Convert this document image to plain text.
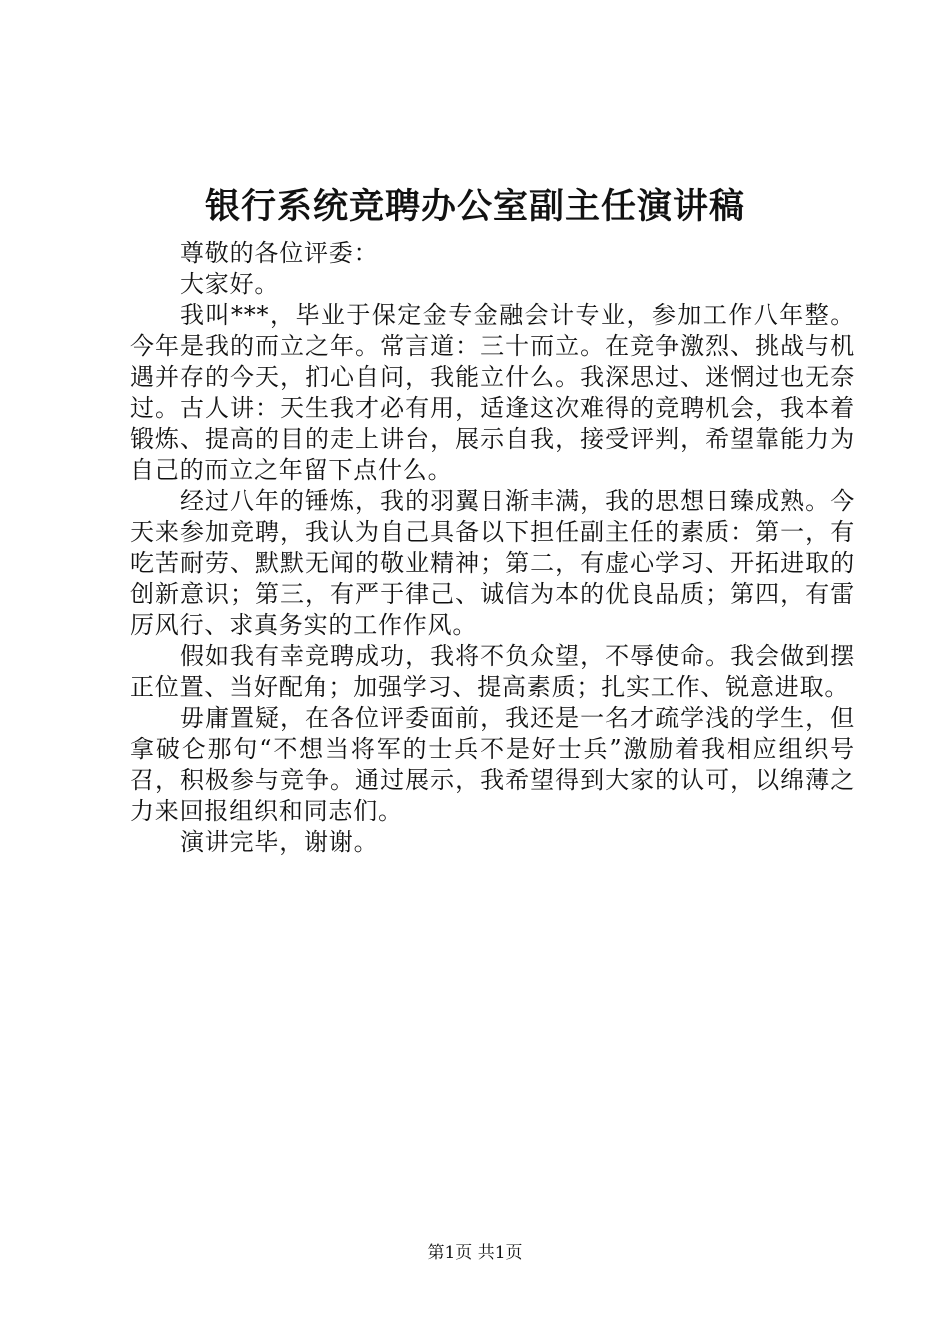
银行系统竞聘办公室副主任演讲稿

尊敬的各位评委：

大家好。

我叫***，毕业于保定金专金融会计专业，参加工作八年整。今年是我的而立之年。常言道：三十而立。在竞争激烈、挑战与机遇并存的今天，扪心自问，我能立什么。我深思过、迷惘过也无奈过。古人讲：天生我才必有用，适逢这次难得的竞聘机会，我本着锻炼、提高的目的走上讲台，展示自我，接受评判，希望靠能力为自己的而立之年留下点什么。

经过八年的锤炼，我的羽翼日渐丰满，我的思想日臻成熟。今天来参加竞聘，我认为自己具备以下担任副主任的素质：第一，有吃苦耐劳、默默无闻的敬业精神；第二，有虚心学习、开拓进取的创新意识；第三，有严于律己、诚信为本的优良品质；第四，有雷厉风行、求真务实的工作作风。

假如我有幸竞聘成功，我将不负众望，不辱使命。我会做到摆正位置、当好配角；加强学习、提高素质；扎实工作、锐意进取。

毋庸置疑，在各位评委面前，我还是一名才疏学浅的学生，但拿破仑那句“不想当将军的士兵不是好士兵”激励着我相应组织号召，积极参与竞争。通过展示，我希望得到大家的认可，以绵薄之力来回报组织和同志们。

演讲完毕，谢谢。

第1页 共1页
